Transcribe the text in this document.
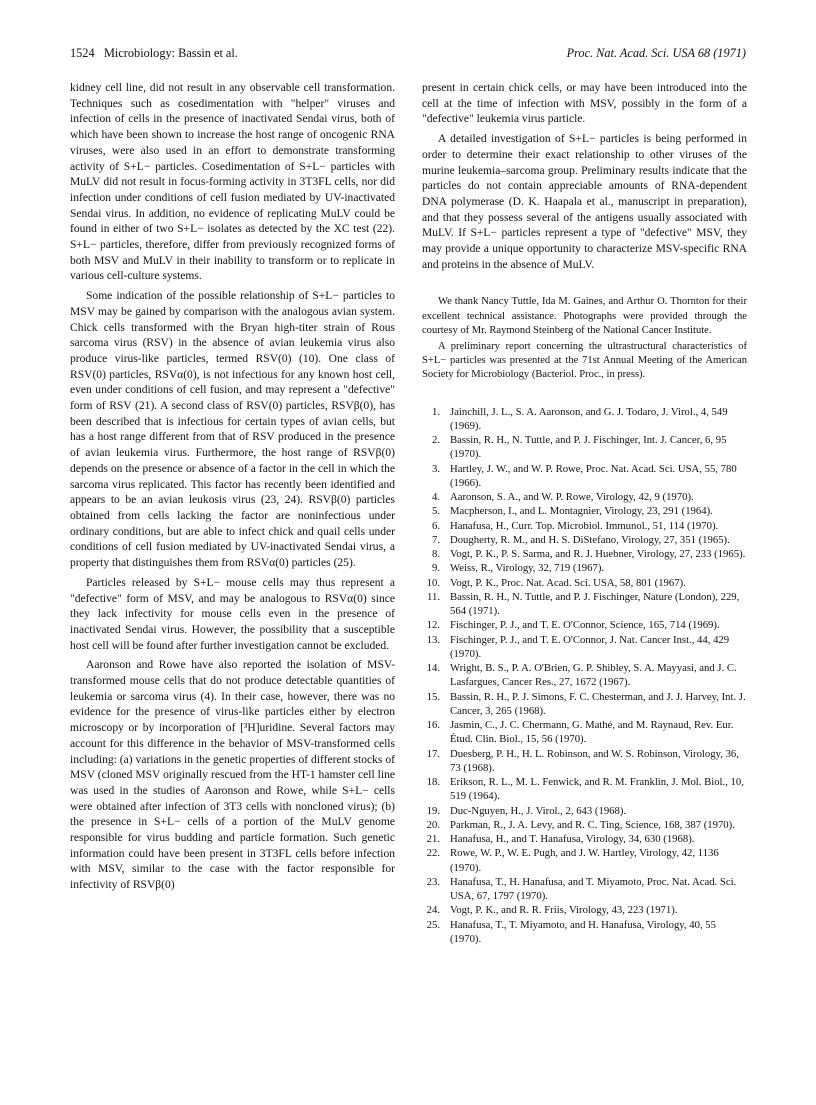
1524 Microbiology: Bassin et al.	Proc. Nat. Acad. Sci. USA 68 (1971)

kidney cell line, did not result in any observable cell transformation. Techniques such as cosedimentation with "helper" viruses and infection of cells in the presence of inactivated Sendai virus, both of which have been shown to increase the host range of oncogenic RNA viruses, were also used in an effort to demonstrate transforming activity of S+L− particles. Cosedimentation of S+L− particles with MuLV did not result in focus-forming activity in 3T3FL cells, nor did infection under conditions of cell fusion mediated by UV-inactivated Sendai virus. In addition, no evidence of replicating MuLV could be found in either of two S+L− isolates as detected by the XC test (22). S+L− particles, therefore, differ from previously recognized forms of both MSV and MuLV in their inability to transform or to replicate in various cell-culture systems.

Some indication of the possible relationship of S+L− particles to MSV may be gained by comparison with the analogous avian system. Chick cells transformed with the Bryan high-titer strain of Rous sarcoma virus (RSV) in the absence of avian leukemia virus also produce virus-like particles, termed RSV(0) (10). One class of RSV(0) particles, RSVα(0), is not infectious for any known host cell, even under conditions of cell fusion, and may represent a "defective" form of RSV (21). A second class of RSV(0) particles, RSVβ(0), has been described that is infectious for certain types of avian cells, but has a host range different from that of RSV produced in the presence of avian leukemia virus. Furthermore, the host range of RSVβ(0) depends on the presence or absence of a factor in the cell in which the sarcoma virus replicated. This factor has recently been identified and appears to be an avian leukosis virus (23, 24). RSVβ(0) particles obtained from cells lacking the factor are noninfectious under ordinary conditions, but are able to infect chick and quail cells under conditions of cell fusion mediated by UV-inactivated Sendai virus, a property that distinguishes them from RSVα(0) particles (25).

Particles released by S+L− mouse cells may thus represent a "defective" form of MSV, and may be analogous to RSVα(0) since they lack infectivity for mouse cells even in the presence of inactivated Sendai virus. However, the possibility that a susceptible host cell will be found after further investigation cannot be excluded.

Aaronson and Rowe have also reported the isolation of MSV-transformed mouse cells that do not produce detectable quantities of leukemia or sarcoma virus (4). In their case, however, there was no evidence for the presence of virus-like particles either by electron microscopy or by incorporation of [³H]uridine. Several factors may account for this difference in the behavior of MSV-transformed cells including: (a) variations in the genetic properties of different stocks of MSV (cloned MSV originally rescued from the HT-1 hamster cell line was used in the studies of Aaronson and Rowe, while S+L− cells were obtained after infection of 3T3 cells with noncloned virus); (b) the presence in S+L− cells of a portion of the MuLV genome responsible for virus budding and particle formation. Such genetic information could have been present in 3T3FL cells before infection with MSV, similar to the case with the factor responsible for infectivity of RSVβ(0)

present in certain chick cells, or may have been introduced into the cell at the time of infection with MSV, possibly in the form of a "defective" leukemia virus particle.

A detailed investigation of S+L− particles is being performed in order to determine their exact relationship to other viruses of the murine leukemia–sarcoma group. Preliminary results indicate that the particles do not contain appreciable amounts of RNA-dependent DNA polymerase (D. K. Haapala et al., manuscript in preparation), and that they possess several of the antigens usually associated with MuLV. If S+L− particles represent a type of "defective" MSV, they may provide a unique opportunity to characterize MSV-specific RNA and proteins in the absence of MuLV.

We thank Nancy Tuttle, Ida M. Gaines, and Arthur O. Thornton for their excellent technical assistance. Photographs were provided through the courtesy of Mr. Raymond Steinberg of the National Cancer Institute.

A preliminary report concerning the ultrastructural characteristics of S+L− particles was presented at the 71st Annual Meeting of the American Society for Microbiology (Bacteriol. Proc., in press).

1. Jainchill, J. L., S. A. Aaronson, and G. J. Todaro, J. Virol., 4, 549 (1969).
2. Bassin, R. H., N. Tuttle, and P. J. Fischinger, Int. J. Cancer, 6, 95 (1970).
3. Hartley, J. W., and W. P. Rowe, Proc. Nat. Acad. Sci. USA, 55, 780 (1966).
4. Aaronson, S. A., and W. P. Rowe, Virology, 42, 9 (1970).
5. Macpherson, I., and L. Montagnier, Virology, 23, 291 (1964).
6. Hanafusa, H., Curr. Top. Microbiol. Immunol., 51, 114 (1970).
7. Dougherty, R. M., and H. S. DiStefano, Virology, 27, 351 (1965).
8. Vogt, P. K., P. S. Sarma, and R. J. Huebner, Virology, 27, 233 (1965).
9. Weiss, R., Virology, 32, 719 (1967).
10. Vogt, P. K., Proc. Nat. Acad. Sci. USA, 58, 801 (1967).
11. Bassin, R. H., N. Tuttle, and P. J. Fischinger, Nature (London), 229, 564 (1971).
12. Fischinger, P. J., and T. E. O'Connor, Science, 165, 714 (1969).
13. Fischinger, P. J., and T. E. O'Connor, J. Nat. Cancer Inst., 44, 429 (1970).
14. Wright, B. S., P. A. O'Brien, G. P. Shibley, S. A. Mayyasi, and J. C. Lasfargues, Cancer Res., 27, 1672 (1967).
15. Bassin, R. H., P. J. Simons, F. C. Chesterman, and J. J. Harvey, Int. J. Cancer, 3, 265 (1968).
16. Jasmin, C., J. C. Chermann, G. Mathé, and M. Raynaud, Rev. Eur. Étud. Clin. Biol., 15, 56 (1970).
17. Duesberg, P. H., H. L. Robinson, and W. S. Robinson, Virology, 36, 73 (1968).
18. Erikson, R. L., M. L. Fenwick, and R. M. Franklin, J. Mol. Biol., 10, 519 (1964).
19. Duc-Nguyen, H., J. Virol., 2, 643 (1968).
20. Parkman, R., J. A. Levy, and R. C. Ting, Science, 168, 387 (1970).
21. Hanafusa, H., and T. Hanafusa, Virology, 34, 630 (1968).
22. Rowe, W. P., W. E. Pugh, and J. W. Hartley, Virology, 42, 1136 (1970).
23. Hanafusa, T., H. Hanafusa, and T. Miyamoto, Proc. Nat. Acad. Sci. USA, 67, 1797 (1970).
24. Vogt, P. K., and R. R. Friis, Virology, 43, 223 (1971).
25. Hanafusa, T., T. Miyamoto, and H. Hanafusa, Virology, 40, 55 (1970).
